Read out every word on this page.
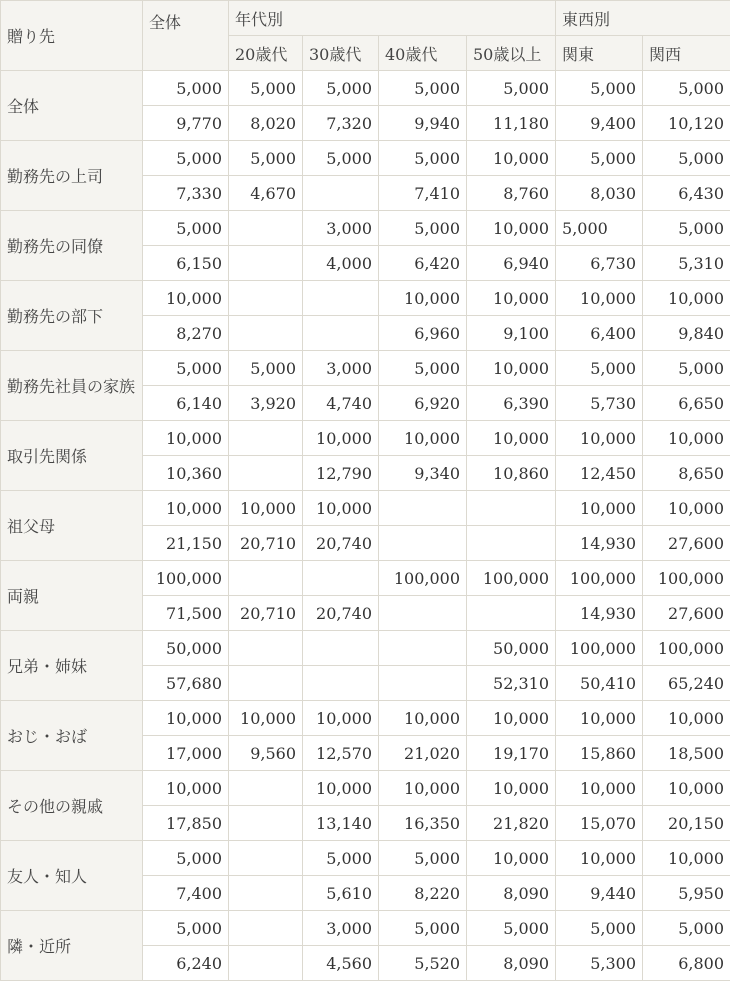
贈り先	全体	年代別				東西別	
		20歳代	30歳代	40歳代	50歳以上	関東	関西
全体	5,000	5,000	5,000	5,000	5,000	5,000	5,000
	9,770	8,020	7,320	9,940	11,180	9,400	10,120
勤務先の上司	5,000	5,000	5,000	5,000	10,000	5,000	5,000
	7,330	4,670		7,410	8,760	8,030	6,430
勤務先の同僚	5,000		3,000	5,000	10,000	5,000	5,000
	6,150		4,000	6,420	6,940	6,730	5,310
勤務先の部下	10,000			10,000	10,000	10,000	10,000
	8,270			6,960	9,100	6,400	9,840
勤務先社員の家族	5,000	5,000	3,000	5,000	10,000	5,000	5,000
	6,140	3,920	4,740	6,920	6,390	5,730	6,650
取引先関係	10,000		10,000	10,000	10,000	10,000	10,000
	10,360		12,790	9,340	10,860	12,450	8,650
祖父母	10,000	10,000	10,000			10,000	10,000
	21,150	20,710	20,740			14,930	27,600
両親	100,000			100,000	100,000	100,000	100,000
	71,500	20,710	20,740			14,930	27,600
兄弟・姉妹	50,000				50,000	100,000	100,000
	57,680				52,310	50,410	65,240
おじ・おば	10,000	10,000	10,000	10,000	10,000	10,000	10,000
	17,000	9,560	12,570	21,020	19,170	15,860	18,500
その他の親戚	10,000		10,000	10,000	10,000	10,000	10,000
	17,850		13,140	16,350	21,820	15,070	20,150
友人・知人	5,000		5,000	5,000	10,000	10,000	10,000
	7,400		5,610	8,220	8,090	9,440	5,950
隣・近所	5,000		3,000	5,000	5,000	5,000	5,000
	6,240		4,560	5,520	8,090	5,300	6,800
